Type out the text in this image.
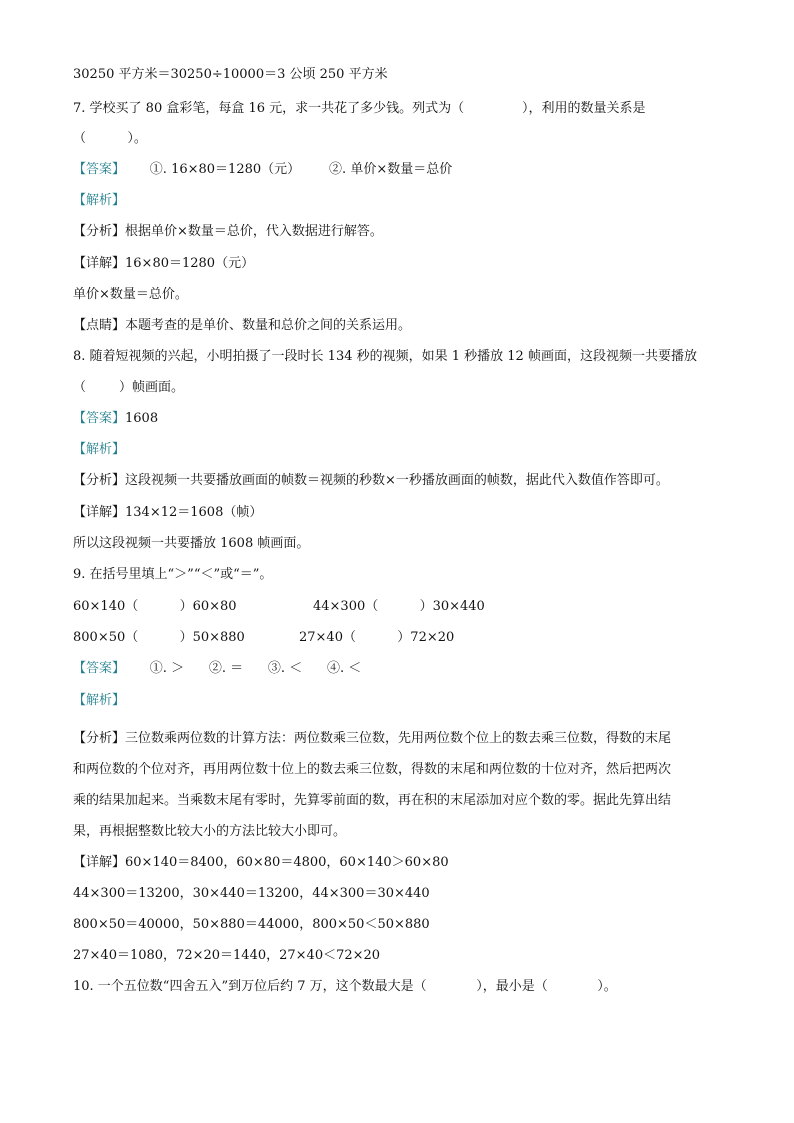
30250 平方米＝30250÷10000＝3 公顷 250 平方米
7. 学校买了 80 盒彩笔，每盒 16 元，求一共花了多少钱。列式为（              ），利用的数量关系是
（          ）。
【答案】      ①. 16×80＝1280（元）       ②. 单价×数量＝总价
【解析】
【分析】根据单价×数量＝总价，代入数据进行解答。
【详解】16×80＝1280（元）
单价×数量＝总价。
【点睛】本题考查的是单价、数量和总价之间的关系运用。
8. 随着短视频的兴起，小明拍摄了一段时长 134 秒的视频，如果 1 秒播放 12 帧画面，这段视频一共要播放
（        ）帧画面。
【答案】1608
【解析】
【分析】这段视频一共要播放画面的帧数＝视频的秒数×一秒播放画面的帧数，据此代入数值作答即可。
【详解】134×12＝1608（帧）
所以这段视频一共要播放 1608 帧画面。
9. 在括号里填上“＞”“＜”或“＝”。
60×140（          ）60×80	44×300（          ）30×440
800×50（          ）50×880	27×40（          ）72×20
【答案】      ①. ＞      ②. ＝      ③. ＜      ④. ＜
【解析】
【分析】三位数乘两位数的计算方法：两位数乘三位数，先用两位数个位上的数去乘三位数，得数的末尾
和两位数的个位对齐，再用两位数十位上的数去乘三位数，得数的末尾和两位数的十位对齐，然后把两次
乘的结果加起来。当乘数末尾有零时，先算零前面的数，再在积的末尾添加对应个数的零。据此先算出结
果，再根据整数比较大小的方法比较大小即可。
【详解】60×140＝8400，60×80＝4800，60×140＞60×80
44×300＝13200，30×440＝13200，44×300＝30×440
800×50＝40000，50×880＝44000，800×50＜50×880
27×40＝1080，72×20＝1440，27×40＜72×20
10. 一个五位数“四舍五入”到万位后约 7 万，这个数最大是（            ），最小是（            ）。
